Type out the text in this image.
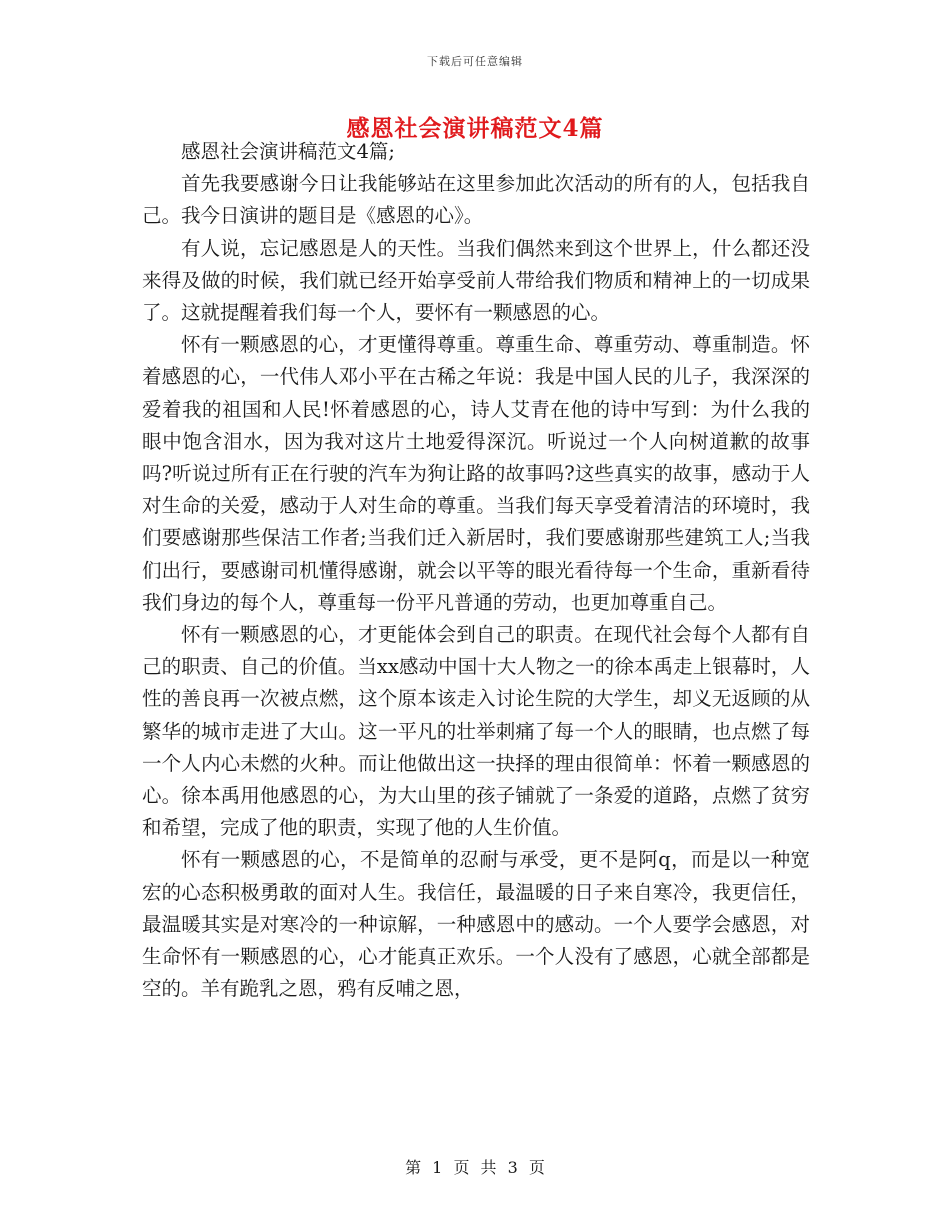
下载后可任意编辑
感恩社会演讲稿范文4篇

感恩社会演讲稿范文4篇;

首先我要感谢今日让我能够站在这里参加此次活动的所有的人，包括我自己。我今日演讲的题目是《感恩的心》。

有人说，忘记感恩是人的天性。当我们偶然来到这个世界上，什么都还没来得及做的时候，我们就已经开始享受前人带给我们物质和精神上的一切成果了。这就提醒着我们每一个人，要怀有一颗感恩的心。

怀有一颗感恩的心，才更懂得尊重。尊重生命、尊重劳动、尊重制造。怀着感恩的心，一代伟人邓小平在古稀之年说：我是中国人民的儿子，我深深的爱着我的祖国和人民!怀着感恩的心，诗人艾青在他的诗中写到：为什么我的眼中饱含泪水，因为我对这片土地爱得深沉。听说过一个人向树道歉的故事吗?听说过所有正在行驶的汽车为狗让路的故事吗?这些真实的故事，感动于人对生命的关爱，感动于人对生命的尊重。当我们每天享受着清洁的环境时，我们要感谢那些保洁工作者;当我们迁入新居时，我们要感谢那些建筑工人;当我们出行，要感谢司机懂得感谢，就会以平等的眼光看待每一个生命，重新看待我们身边的每个人，尊重每一份平凡普通的劳动，也更加尊重自己。

怀有一颗感恩的心，才更能体会到自己的职责。在现代社会每个人都有自己的职责、自己的价值。当xx感动中国十大人物之一的徐本禹走上银幕时，人性的善良再一次被点燃，这个原本该走入讨论生院的大学生，却义无返顾的从繁华的城市走进了大山。这一平凡的壮举刺痛了每一个人的眼睛，也点燃了每一个人内心未燃的火种。而让他做出这一抉择的理由很简单：怀着一颗感恩的心。徐本禹用他感恩的心，为大山里的孩子铺就了一条爱的道路，点燃了贫穷和希望，完成了他的职责，实现了他的人生价值。

怀有一颗感恩的心，不是简单的忍耐与承受，更不是阿q，而是以一种宽宏的心态积极勇敢的面对人生。我信任，最温暖的日子来自寒冷，我更信任，最温暖其实是对寒冷的一种谅解，一种感恩中的感动。一个人要学会感恩，对生命怀有一颗感恩的心，心才能真正欢乐。一个人没有了感恩，心就全部都是空的。羊有跪乳之恩，鸦有反哺之恩，

第 1 页 共 3 页
